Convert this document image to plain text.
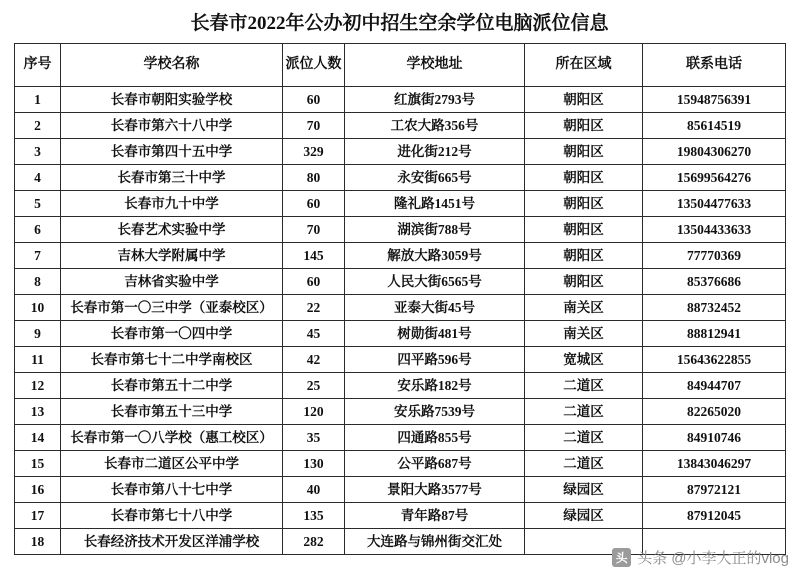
长春市2022年公办初中招生空余学位电脑派位信息
序号	学校名称	派位人数	学校地址	所在区域	联系电话
1	长春市朝阳实验学校	60	红旗街2793号	朝阳区	15948756391
2	长春市第六十八中学	70	工农大路356号	朝阳区	85614519
3	长春市第四十五中学	329	进化街212号	朝阳区	19804306270
4	长春市第三十中学	80	永安街665号	朝阳区	15699564276
5	长春市九十中学	60	隆礼路1451号	朝阳区	13504477633
6	长春艺术实验中学	70	湖滨街788号	朝阳区	13504433633
7	吉林大学附属中学	145	解放大路3059号	朝阳区	77770369
8	吉林省实验中学	60	人民大街6565号	朝阳区	85376686
10	长春市第一〇三中学（亚泰校区）	22	亚泰大街45号	南关区	88732452
9	长春市第一〇四中学	45	树勋街481号	南关区	88812941
11	长春市第七十二中学南校区	42	四平路596号	宽城区	15643622855
12	长春市第五十二中学	25	安乐路182号	二道区	84944707
13	长春市第五十三中学	120	安乐路7539号	二道区	82265020
14	长春市第一〇八学校（惠工校区）	35	四通路855号	二道区	84910746
15	长春市二道区公平中学	130	公平路687号	二道区	13843046297
16	长春市第八十七中学	40	景阳大路3577号	绿园区	87972121
17	长春市第七十八中学	135	青年路87号	绿园区	87912045
18	长春经济技术开发区洋浦学校	282	大连路与锦州街交汇处		
头 头条 @小李大正的vlog
